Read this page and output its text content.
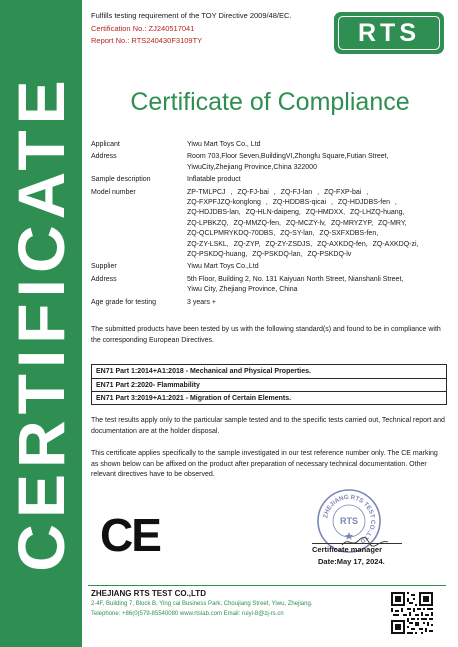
CERTIFICATE
Fulfills testing requirement of the TOY Directive 2009/48/EC.
Certification No.: ZJ240517041
Report No.: RTS240430F3109TY	RTS
Certificate of Compliance
Applicant	Yiwu Mart Toys Co., Ltd
Address	Room 703,Floor Seven,BuildingVI,Zhongfu Square,Futian Street,
YiwuCity,Zhejiang Province,China 322000
Sample description	Inflatable product
Model number	ZP-TMLPCJ , ZQ-FJ-bai , ZQ-FJ-lan , ZQ-FXP-bai ,
ZQ-FXPFJZQ-konglong , ZQ-HDDBS-qicai , ZQ-HDJDBS-fen ,
ZQ-HDJDBS-lan, ZQ-HLN-daipeng, ZQ-HMDXX, ZQ-LHZQ-huang,
ZQ-LPBKZQ, ZQ-MMZQ-fen, ZQ-MCZY-lv, ZQ-MRYZYP, ZQ-MRY,
ZQ-QCLPMRYKDQ-70DBS, ZQ-SY-lan, ZQ-SXFXDBS-fen,
ZQ-ZY-LSKL, ZQ-ZYP, ZQ-ZY-ZSDJS, ZQ-AXKDQ-fen, ZQ-AXKDQ-zi,
ZQ-PSKDQ-huang, ZQ-PSKDQ-lan, ZQ-PSKDQ-lv
Supplier	Yiwu Mart Toys Co.,Ltd
Address	5th Floor, Building 2, No. 131 Kaiyuan North Street, Nianshanli Street,
Yiwu City, Zhejiang Province, China
Age grade for testing	3 years +
The submitted products have been tested by us with the following standard(s) and found to be in compliance with the corresponding European Directives.
EN71 Part 1:2014+A1:2018 - Mechanical and Physical Properties.
EN71 Part 2:2020- Flammability
EN71 Part 3:2019+A1:2021 - Migration of Certain Elements.
The test results apply only to the particular sample tested and to the specific tests carried out, Technical report and documentation are at the holder disposal.
This certificate applies specifically to the sample investigated in our test reference number only. The CE marking as shown below can be affixed on the product after preparation of necessary technical documentation. Other relevant directives have to be observed.
CE	ZHEJIANG RTS TEST CO.,LTD
RTS
Certificate manager
Date:May 17, 2024.
ZHEJIANG RTS TEST CO.,LTD
2-4F, Building 7, Block B, Ying cai Business Park, Choujiang Street, Yiwu, Zhejiang.
Telephone: +86(0)579-85540080 www.rtslab.com Email: ruiyi-8@zj-rs.cn
